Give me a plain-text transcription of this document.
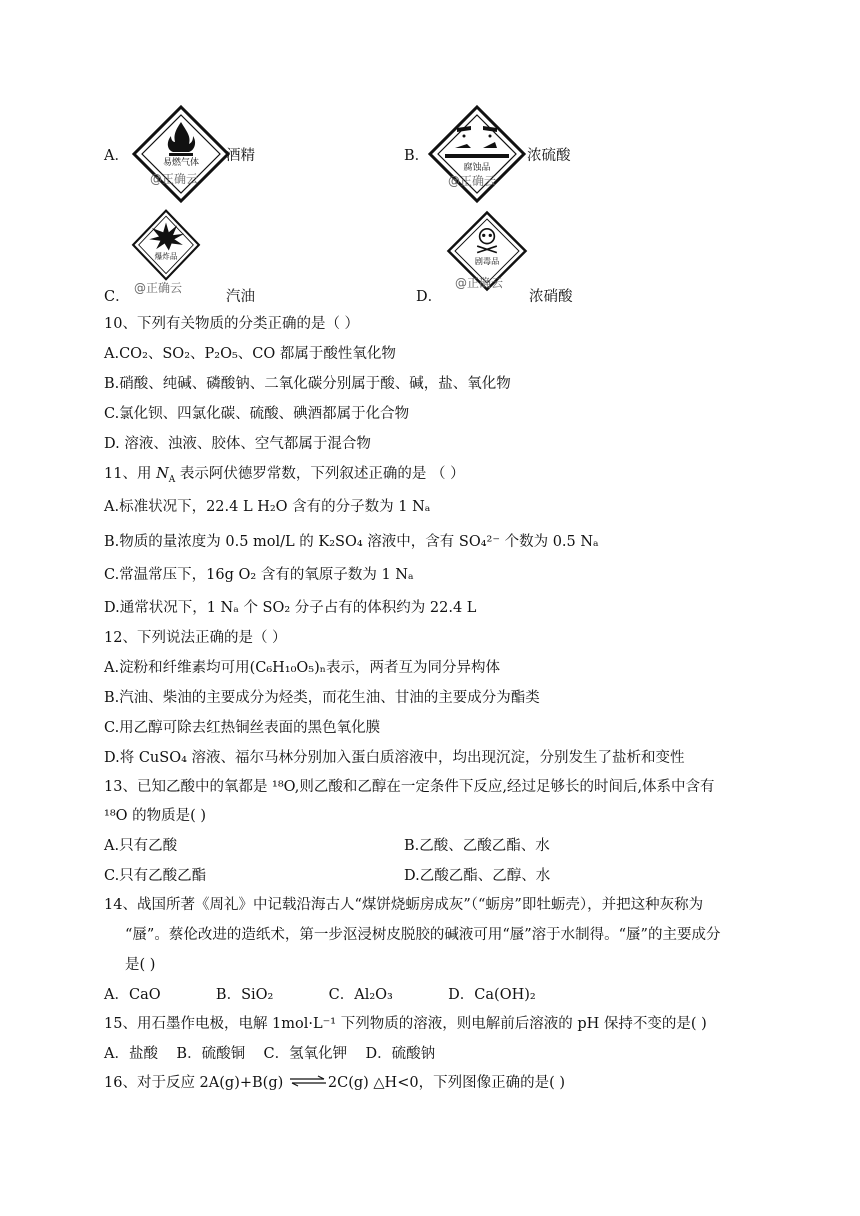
A．	易燃气体 酒精
@正确云
B．
腐蚀品
浓硫酸
@正确云
C．
爆炸品
@正确云
汽油	D．
剧毒品
@正确云
浓硝酸
10、下列有关物质的分类正确的是（ ）
A.CO₂、SO₂、P₂O₅、CO 都属于酸性氧化物
B.硝酸、纯碱、磷酸钠、二氧化碳分别属于酸、碱，盐、氧化物
C.氯化钡、四氯化碳、硫酸、碘酒都属于化合物
D. 溶液、浊液、胶体、空气都属于混合物
11、用 $N_A$ 表示阿伏德罗常数，下列叙述正确的是 （ ）
A.标准状况下，22.4 L H₂O 含有的分子数为 1 Nₐ
B.物质的量浓度为 0.5 mol/L 的 K₂SO₄ 溶液中，含有 SO₄²⁻ 个数为 0.5 Nₐ
C.常温常压下，16g O₂ 含有的氧原子数为 1 Nₐ
D.通常状况下，1 Nₐ 个 SO₂ 分子占有的体积约为 22.4 L
12、下列说法正确的是（ ）
A.淀粉和纤维素均可用(C₆H₁₀O₅)ₙ表示，两者互为同分异构体
B.汽油、柴油的主要成分为烃类，而花生油、甘油的主要成分为酯类
C.用乙醇可除去红热铜丝表面的黑色氧化膜
D.将 CuSO₄ 溶液、福尔马林分别加入蛋白质溶液中，均出现沉淀，分别发生了盐析和变性
13、已知乙酸中的氧都是 ¹⁸O,则乙酸和乙醇在一定条件下反应,经过足够长的时间后,体系中含有
¹⁸O 的物质是( )
A.只有乙酸	B.乙酸、乙酸乙酯、水
C.只有乙酸乙酯	D.乙酸乙酯、乙醇、水
14、战国所著《周礼》中记载沿海古人“煤饼烧蛎房成灰”（“蛎房”即牡蛎壳），并把这种灰称为
“蜃”。蔡伦改进的造纸术，第一步沤浸树皮脱胶的碱液可用“蜃”溶于水制得。“蜃”的主要成分
是( )
A．CaO            B．SiO₂            C．Al₂O₃            D．Ca(OH)₂
15、用石墨作电极，电解 1mol·L⁻¹ 下列物质的溶液，则电解前后溶液的 pH 保持不变的是( )
A．盐酸    B．硫酸铜    C．氢氧化钾    D．硫酸钠
16、对于反应 2A(g)+B(g) ⇌2C(g) △H<0，下列图像正确的是( )
